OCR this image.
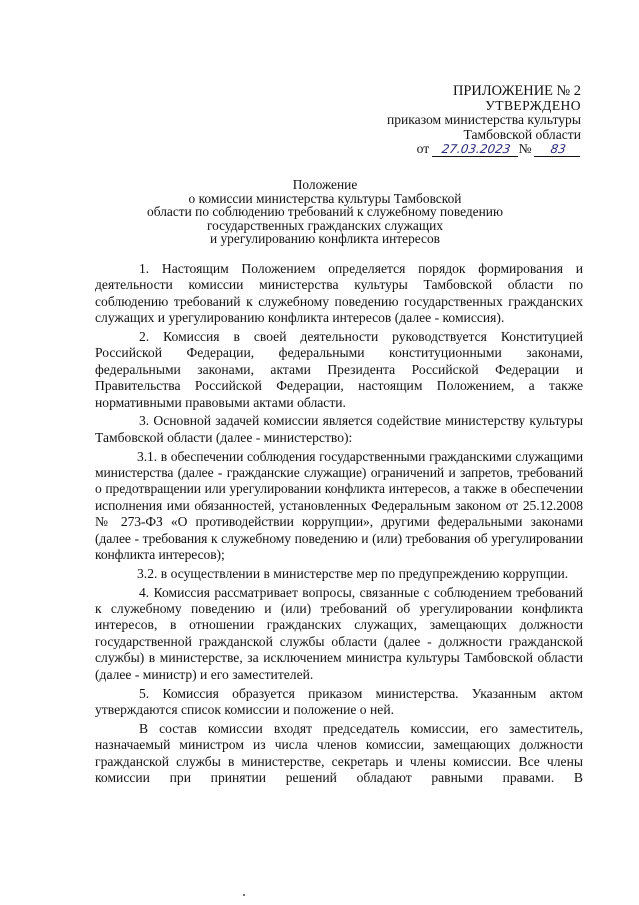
ПРИЛОЖЕНИЕ № 2
УТВЕРЖДЕНО
приказом министерства культуры
Тамбовской области
от 27.03.2023 № 83
Положение
о комиссии министерства культуры Тамбовской
области по соблюдению требований к служебному поведению
государственных гражданских служащих
и урегулированию конфликта интересов

1. Настоящим Положением определяется порядок формирования и деятельности комиссии министерства культуры Тамбовской области по соблюдению требований к служебному поведению государственных гражданских служащих и урегулированию конфликта интересов (далее - комиссия).

2. Комиссия в своей деятельности руководствуется Конституцией Российской Федерации, федеральными конституционными законами, федеральными законами, актами Президента Российской Федерации и Правительства Российской Федерации, настоящим Положением, а также нормативными правовыми актами области.

3. Основной задачей комиссии является содействие министерству культуры Тамбовской области (далее - министерство):

3.1. в обеспечении соблюдения государственными гражданскими служащими министерства (далее - гражданские служащие) ограничений и запретов, требований о предотвращении или урегулировании конфликта интересов, а также в обеспечении исполнения ими обязанностей, установленных Федеральным законом от 25.12.2008 № 273-ФЗ «О противодействии коррупции», другими федеральными законами (далее - требования к служебному поведению и (или) требования об урегулировании конфликта интересов);

3.2. в осуществлении в министерстве мер по предупреждению коррупции.

4. Комиссия рассматривает вопросы, связанные с соблюдением требований к служебному поведению и (или) требований об урегулировании конфликта интересов, в отношении гражданских служащих, замещающих должности государственной гражданской службы области (далее - должности гражданской службы) в министерстве, за исключением министра культуры Тамбовской области (далее - министр) и его заместителей.

5. Комиссия образуется приказом министерства. Указанным актом утверждаются список комиссии и положение о ней.

В состав комиссии входят председатель комиссии, его заместитель, назначаемый министром из числа членов комиссии, замещающих должности гражданской службы в министерстве, секретарь и члены комиссии. Все члены комиссии при принятии решений обладают равными правами. В
